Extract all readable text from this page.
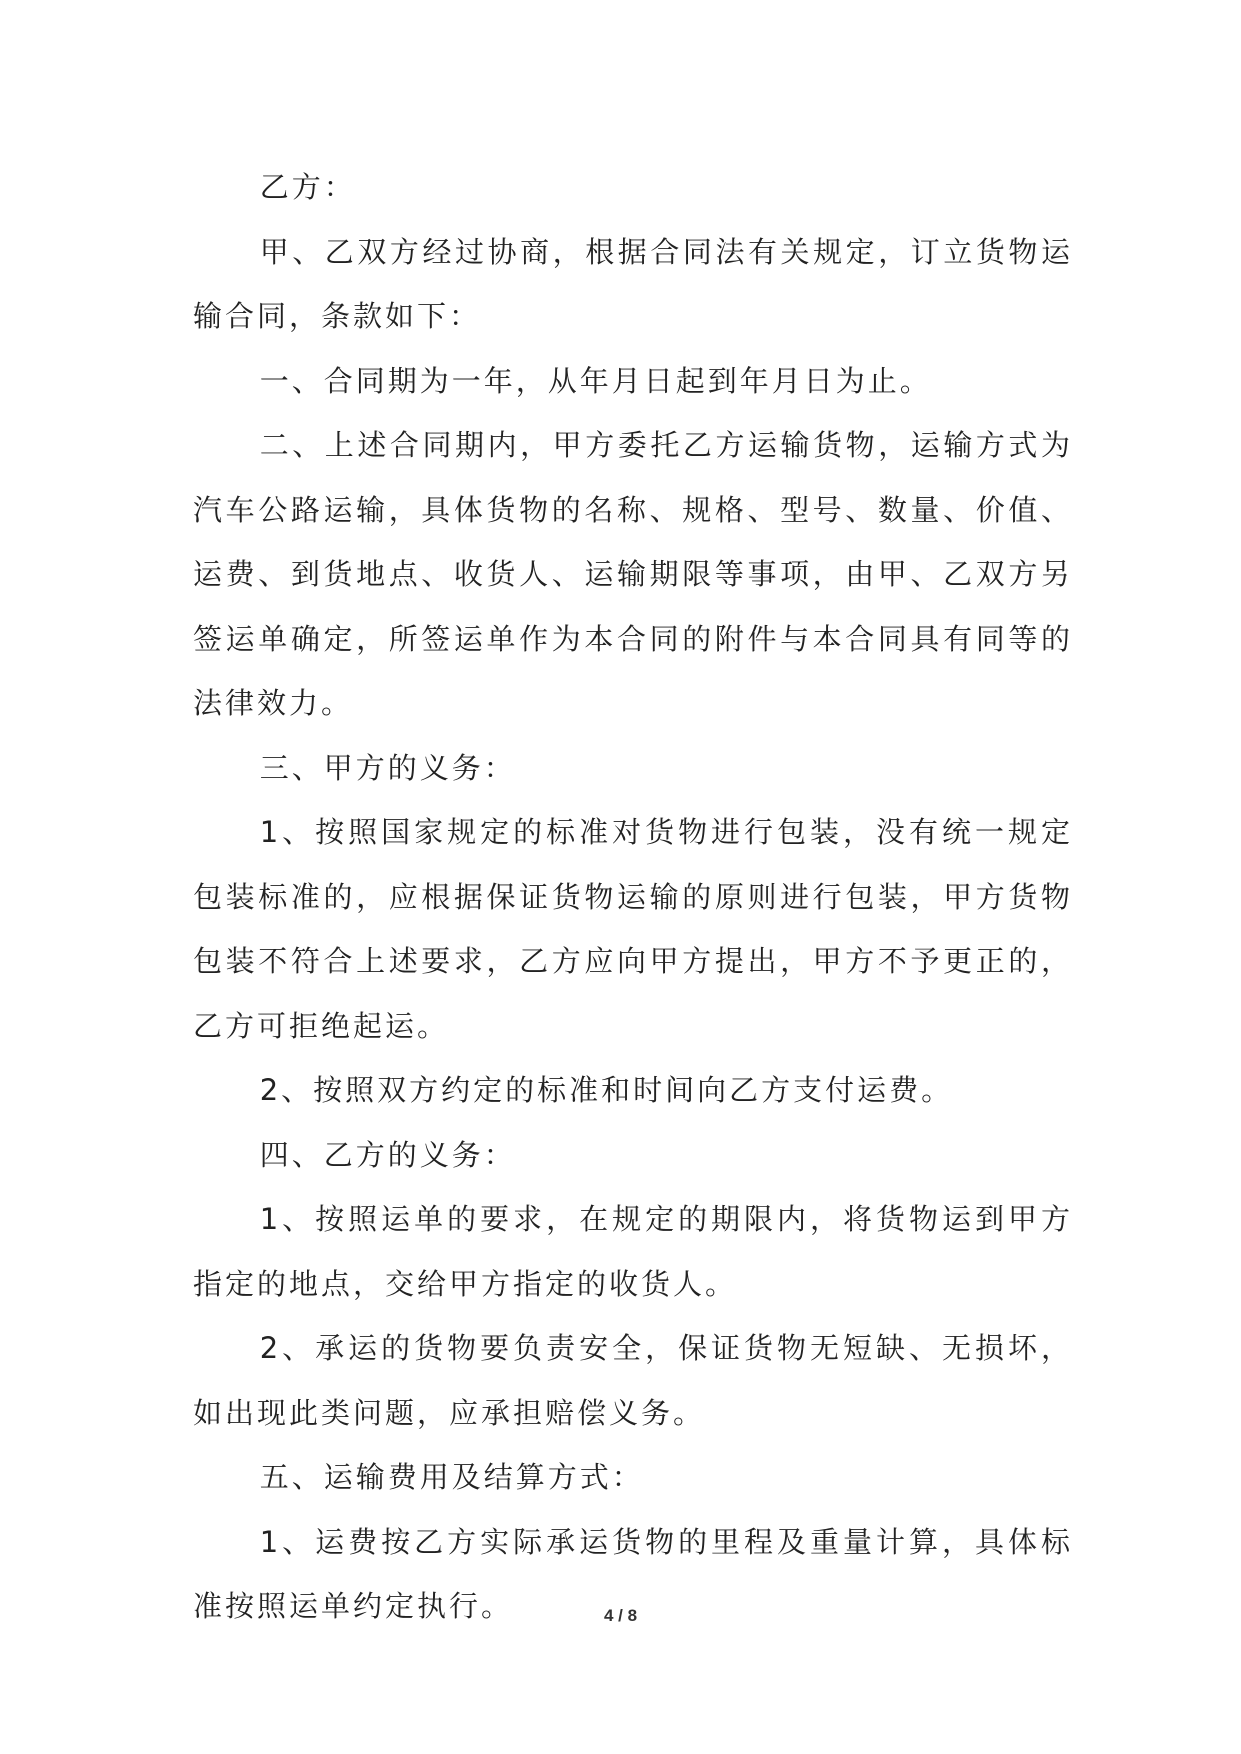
乙方：

甲、乙双方经过协商，根据合同法有关规定，订立货物运输合同，条款如下：

一、合同期为一年，从年月日起到年月日为止。

二、上述合同期内，甲方委托乙方运输货物，运输方式为汽车公路运输，具体货物的名称、规格、型号、数量、价值、运费、到货地点、收货人、运输期限等事项，由甲、乙双方另签运单确定，所签运单作为本合同的附件与本合同具有同等的法律效力。

三、甲方的义务：

1、按照国家规定的标准对货物进行包装，没有统一规定包装标准的，应根据保证货物运输的原则进行包装，甲方货物包装不符合上述要求，乙方应向甲方提出，甲方不予更正的，乙方可拒绝起运。

2、按照双方约定的标准和时间向乙方支付运费。

四、乙方的义务：

1、按照运单的要求，在规定的期限内，将货物运到甲方指定的地点，交给甲方指定的收货人。

2、承运的货物要负责安全，保证货物无短缺、无损坏，如出现此类问题，应承担赔偿义务。

五、运输费用及结算方式：

1、运费按乙方实际承运货物的里程及重量计算，具体标准按照运单约定执行。	4 / 8
